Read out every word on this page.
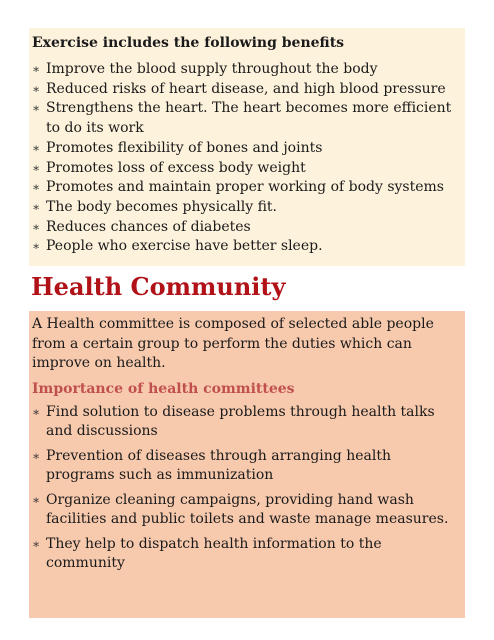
Exercise includes the following benefits

∗ Improve the blood supply throughout the body
∗ Reduced risks of heart disease, and high blood pressure
∗ Strengthens the heart. The heart becomes more efficient to do its work
∗ Promotes flexibility of bones and joints
∗ Promotes loss of excess body weight
∗ Promotes and maintain proper working of body systems
∗ The body becomes physically fit.
∗ Reduces chances of diabetes
∗ People who exercise have better sleep.
Health Community

A Health committee is composed of selected able people from a certain group to perform the duties which can improve on health.

Importance of health committees

∗ Find solution to disease problems through health talks and discussions
∗ Prevention of diseases through arranging health programs such as immunization
∗ Organize cleaning campaigns, providing hand wash facilities and public toilets and waste manage measures.
∗ They help to dispatch health information to the community
